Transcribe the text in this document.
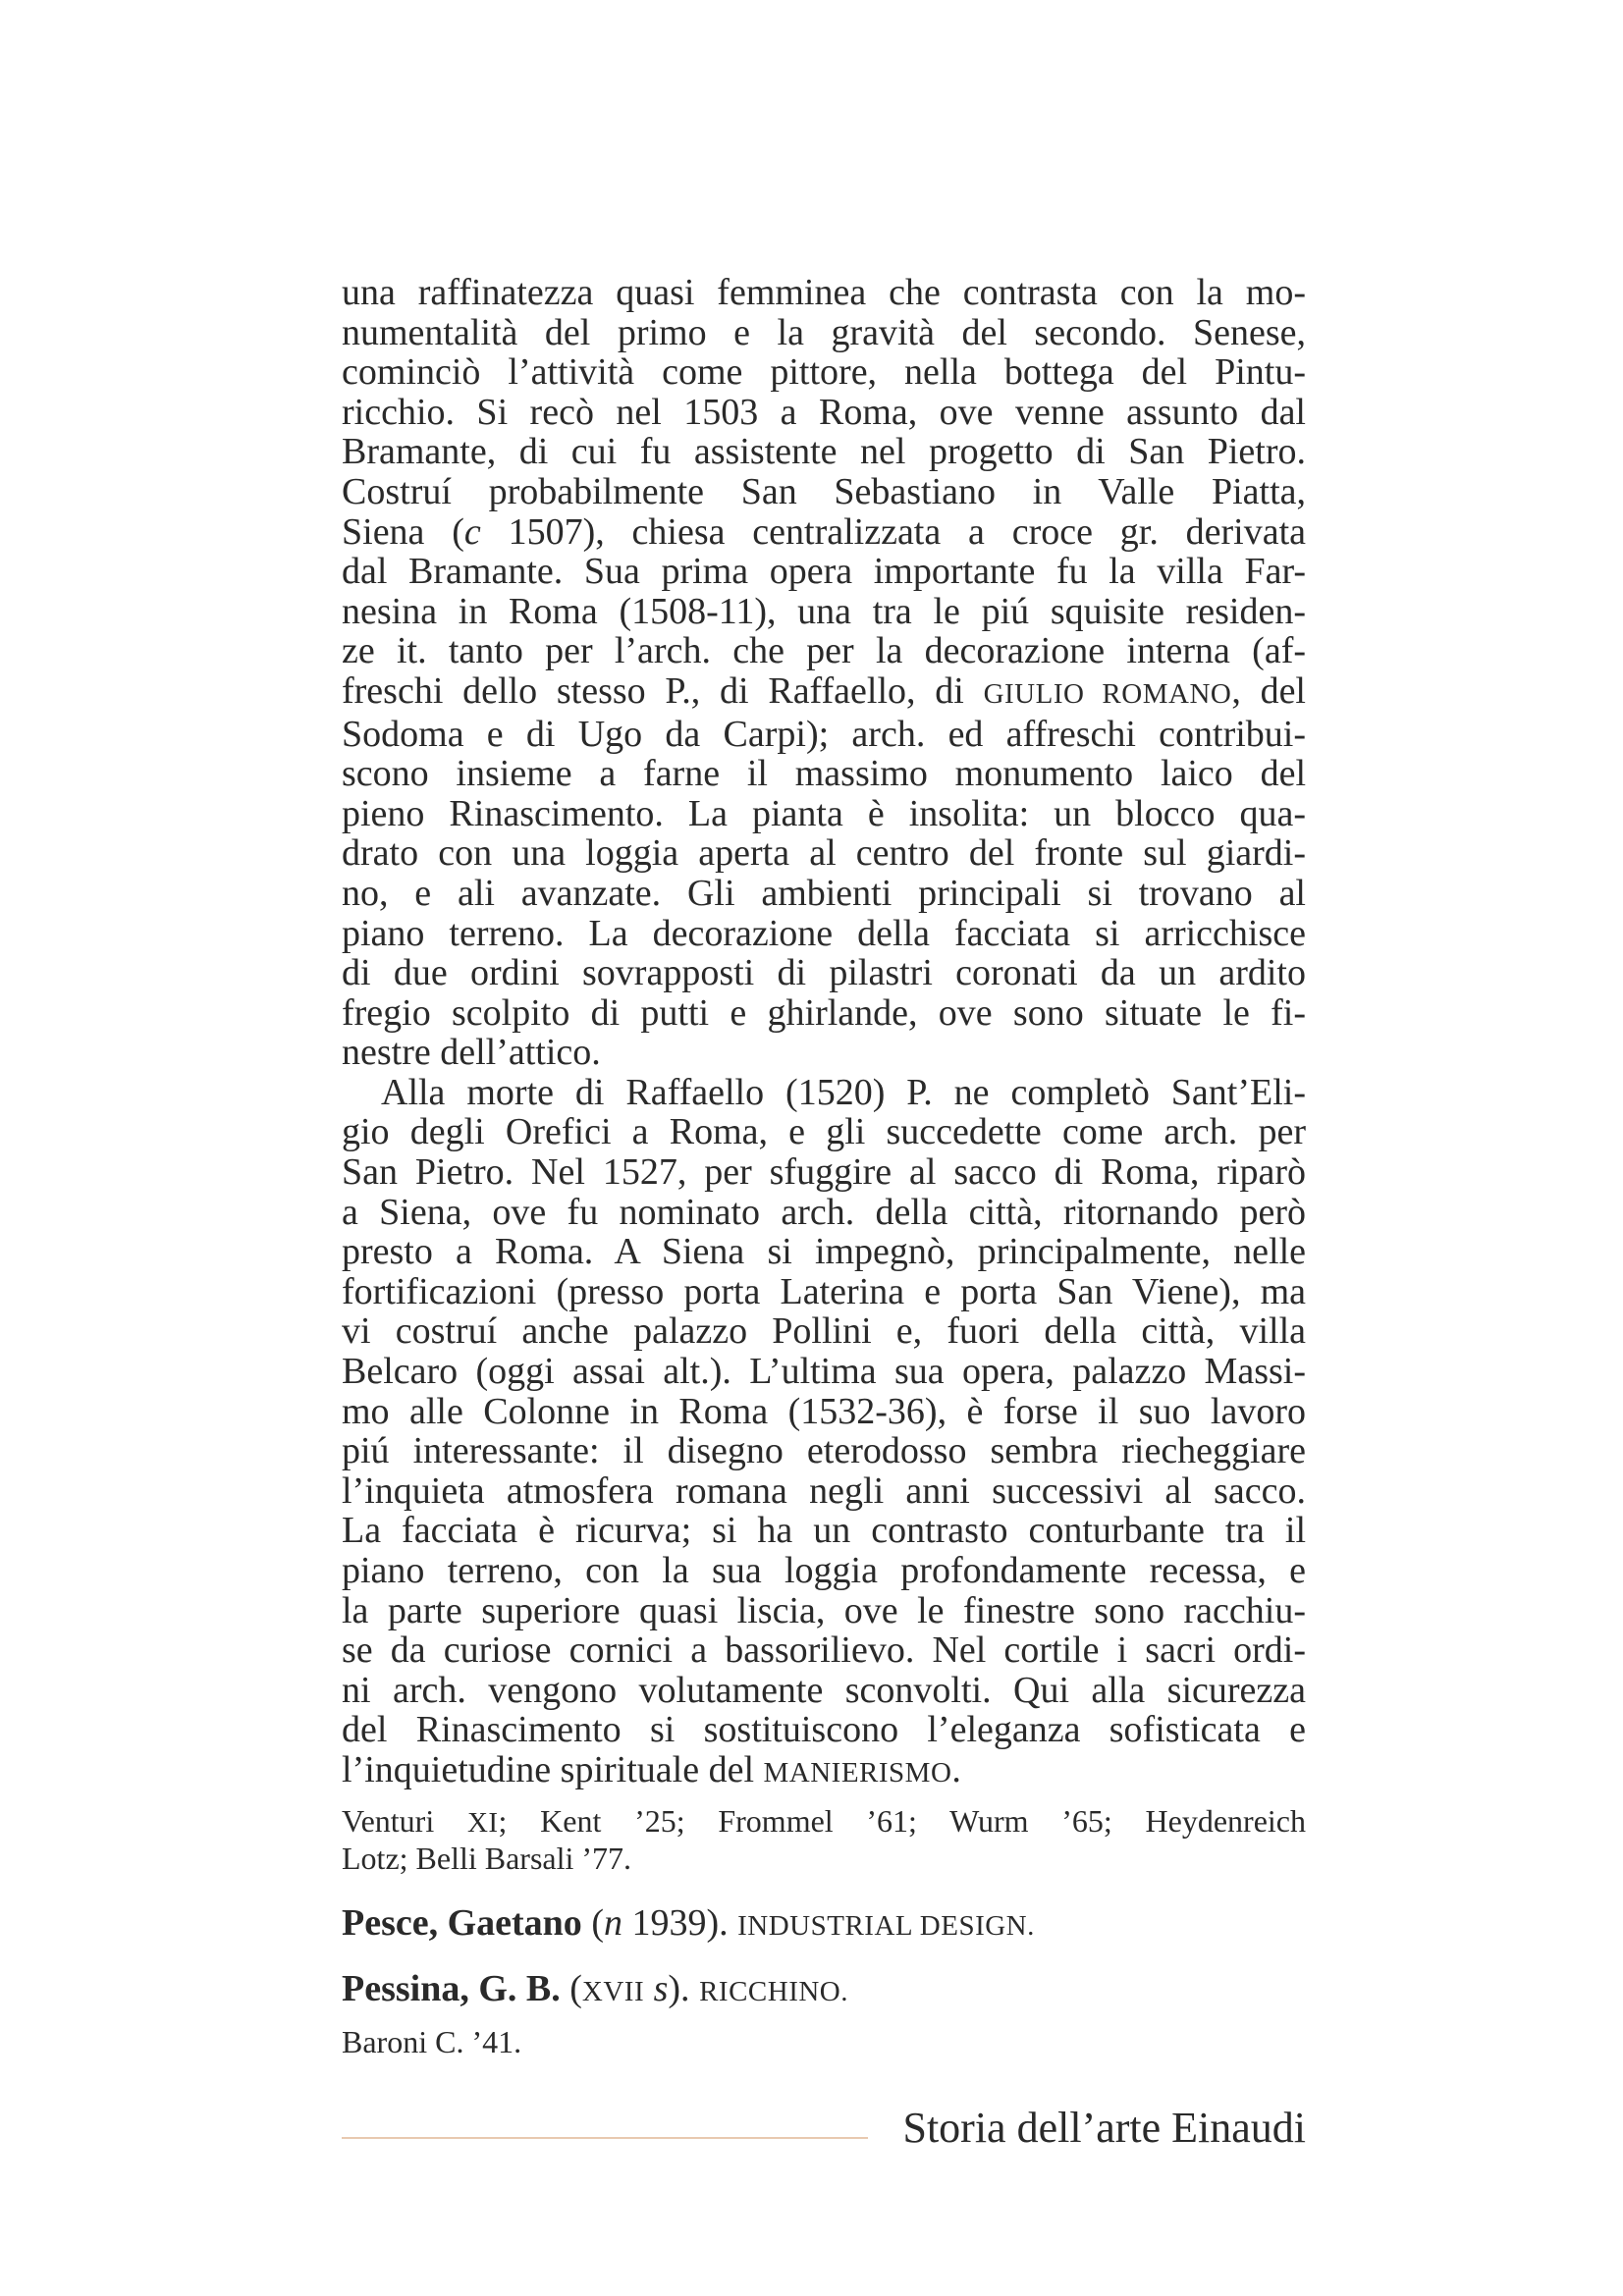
una raffinatezza quasi femminea che contrasta con la mo-
numentalità del primo e la gravità del secondo. Senese,
cominciò l’attività come pittore, nella bottega del Pintu-
ricchio. Si recò nel 1503 a Roma, ove venne assunto dal
Bramante, di cui fu assistente nel progetto di San Pietro.
Costruí probabilmente San Sebastiano in Valle Piatta,
Siena (c 1507), chiesa centralizzata a croce gr. derivata
dal Bramante. Sua prima opera importante fu la villa Far-
nesina in Roma (1508-11), una tra le piú squisite residen-
ze it. tanto per l’arch. che per la decorazione interna (af-
freschi dello stesso P., di Raffaello, di GIULIO ROMANO, del
Sodoma e di Ugo da Carpi); arch. ed affreschi contribui-
scono insieme a farne il massimo monumento laico del
pieno Rinascimento. La pianta è insolita: un blocco qua-
drato con una loggia aperta al centro del fronte sul giardi-
no, e ali avanzate. Gli ambienti principali si trovano al
piano terreno. La decorazione della facciata si arricchisce
di due ordini sovrapposti di pilastri coronati da un ardito
fregio scolpito di putti e ghirlande, ove sono situate le fi-
nestre dell’attico.
Alla morte di Raffaello (1520) P. ne completò Sant’Eli-
gio degli Orefici a Roma, e gli succedette come arch. per
San Pietro. Nel 1527, per sfuggire al sacco di Roma, riparò
a Siena, ove fu nominato arch. della città, ritornando però
presto a Roma. A Siena si impegnò, principalmente, nelle
fortificazioni (presso porta Laterina e porta San Viene), ma
vi costruí anche palazzo Pollini e, fuori della città, villa
Belcaro (oggi assai alt.). L’ultima sua opera, palazzo Massi-
mo alle Colonne in Roma (1532-36), è forse il suo lavoro
piú interessante: il disegno eterodosso sembra riecheggiare
l’inquieta atmosfera romana negli anni successivi al sacco.
La facciata è ricurva; si ha un contrasto conturbante tra il
piano terreno, con la sua loggia profondamente recessa, e
la parte superiore quasi liscia, ove le finestre sono racchiu-
se da curiose cornici a bassorilievo. Nel cortile i sacri ordi-
ni arch. vengono volutamente sconvolti. Qui alla sicurezza
del Rinascimento si sostituiscono l’eleganza sofisticata e
l’inquietudine spirituale del MANIERISMO.
Venturi XI; Kent ’25; Frommel ’61; Wurm ’65; Heydenreich
Lotz; Belli Barsali ’77.
Pesce, Gaetano (n 1939). INDUSTRIAL DESIGN.
Pessina, G. B. (XVII s). RICCHINO.
Baroni C. ’41.
Storia dell’arte Einaudi
